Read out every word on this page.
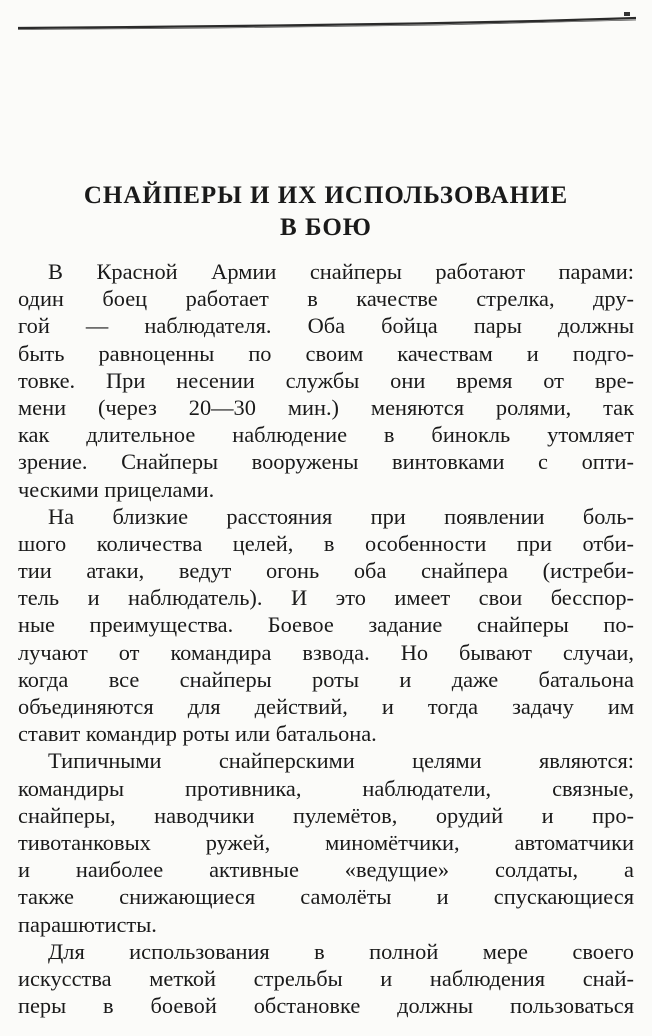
СНАЙПЕРЫ И ИХ ИСПОЛЬЗОВАНИЕ
В БОЮ
В Красной Армии снайперы работают парами:
один боец работает в качестве стрелка, дру-
гой — наблюдателя. Оба бойца пары должны
быть равноценны по своим качествам и подго-
товке. При несении службы они время от вре-
мени (через 20—30 мин.) меняются ролями, так
как длительное наблюдение в бинокль утомляет
зрение. Снайперы вооружены винтовками с опти-
ческими прицелами.
На близкие расстояния при появлении боль-
шого количества целей, в особенности при отби-
тии атаки, ведут огонь оба снайпера (истреби-
тель и наблюдатель). И это имеет свои бесспор-
ные преимущества. Боевое задание снайперы по-
лучают от командира взвода. Но бывают случаи,
когда все снайперы роты и даже батальона
объединяются для действий, и тогда задачу им
ставит командир роты или батальона.
Типичными снайперскими целями являются:
командиры противника, наблюдатели, связные,
снайперы, наводчики пулемётов, орудий и про-
тивотанковых ружей, миномётчики, автоматчики
и наиболее активные «ведущие» солдаты, а
также снижающиеся самолёты и спускающиеся
парашютисты.
Для использования в полной мере своего
искусства меткой стрельбы и наблюдения снай-
перы в боевой обстановке должны пользоваться
